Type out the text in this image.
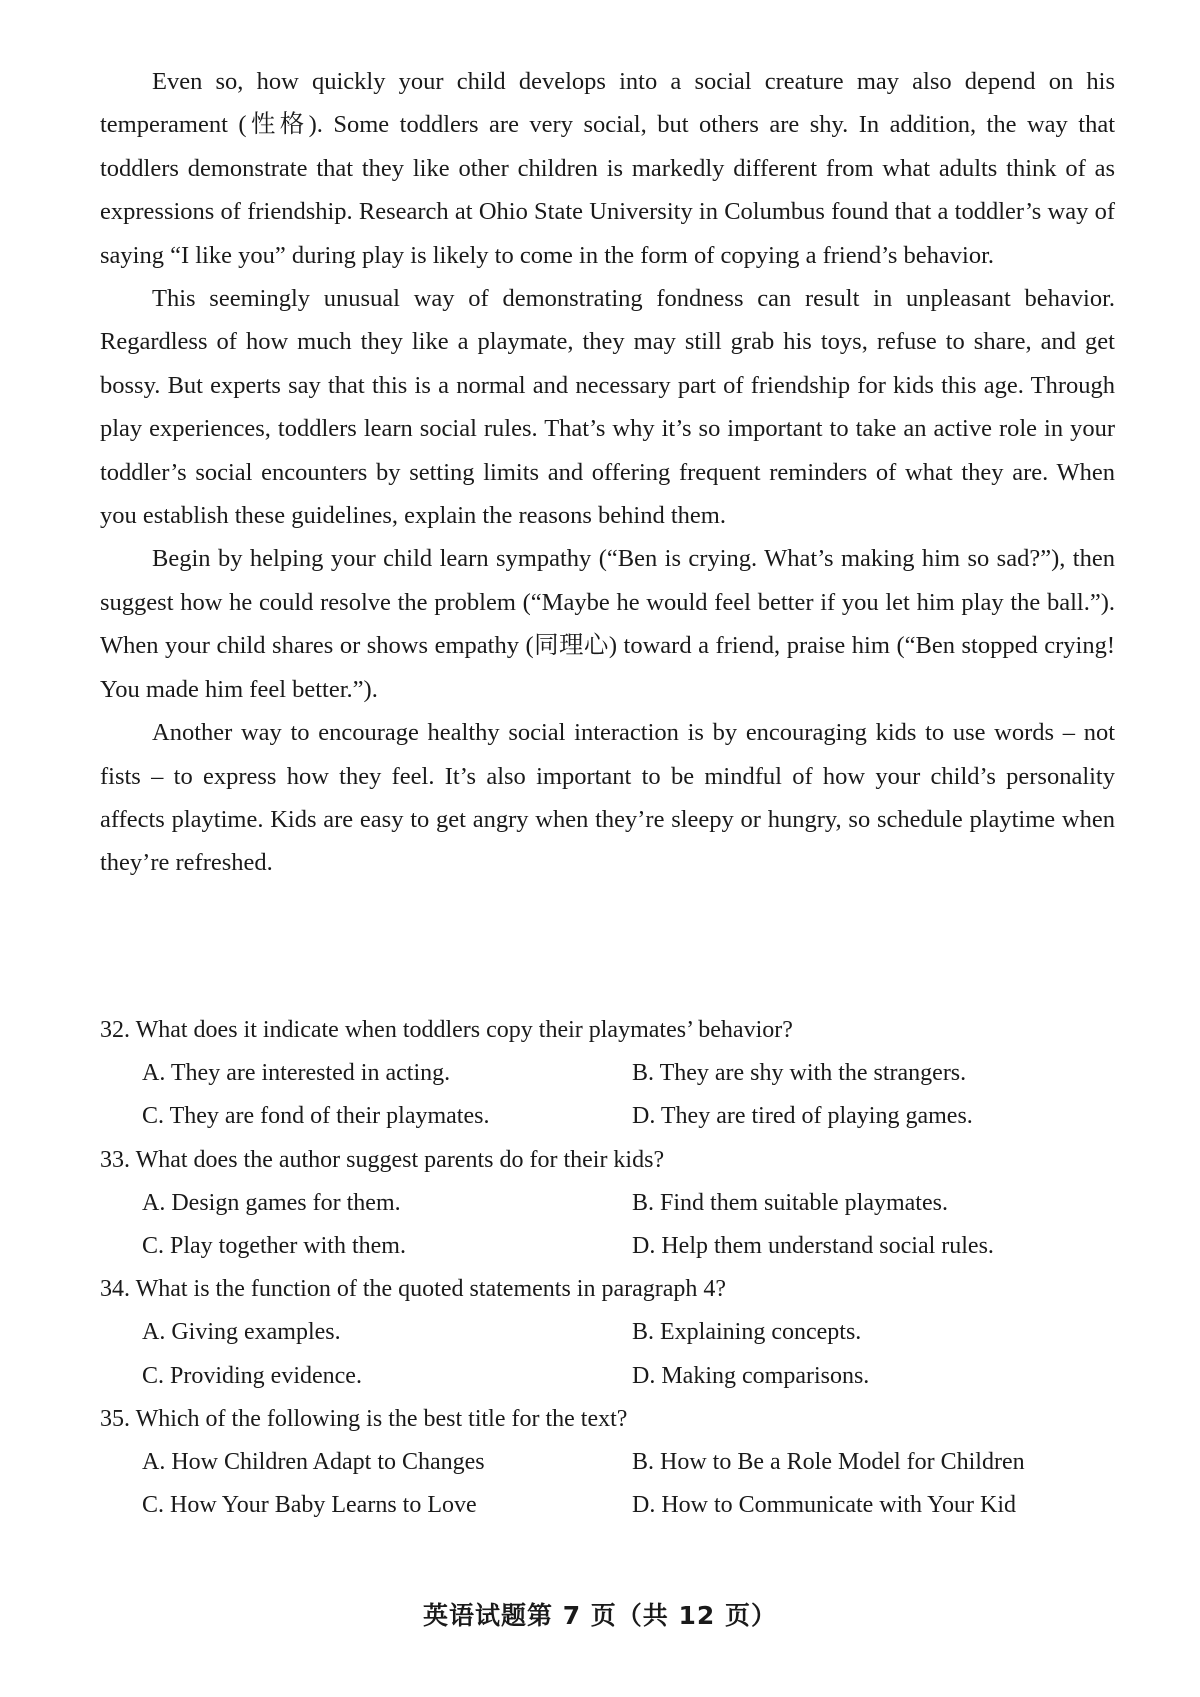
Even so, how quickly your child develops into a social creature may also depend on his temperament (性格). Some toddlers are very social, but others are shy. In addition, the way that toddlers demonstrate that they like other children is markedly different from what adults think of as expressions of friendship. Research at Ohio State University in Columbus found that a toddler’s way of saying “I like you” during play is likely to come in the form of copying a friend’s behavior.

This seemingly unusual way of demonstrating fondness can result in unpleasant behavior. Regardless of how much they like a playmate, they may still grab his toys, refuse to share, and get bossy. But experts say that this is a normal and necessary part of friendship for kids this age. Through play experiences, toddlers learn social rules. That’s why it’s so important to take an active role in your toddler’s social encounters by setting limits and offering frequent reminders of what they are. When you establish these guidelines, explain the reasons behind them.

Begin by helping your child learn sympathy (“Ben is crying. What’s making him so sad?”), then suggest how he could resolve the problem (“Maybe he would feel better if you let him play the ball.”). When your child shares or shows empathy (同理心) toward a friend, praise him (“Ben stopped crying! You made him feel better.”).

Another way to encourage healthy social interaction is by encouraging kids to use words – not fists – to express how they feel. It’s also important to be mindful of how your child’s personality affects playtime. Kids are easy to get angry when they’re sleepy or hungry, so schedule playtime when they’re refreshed.

32. What does it indicate when toddlers copy their playmates’ behavior?
A. They are interested in acting.	B. They are shy with the strangers.
C. They are fond of their playmates.	D. They are tired of playing games.
33. What does the author suggest parents do for their kids?
A. Design games for them.	B. Find them suitable playmates.
C. Play together with them.	D. Help them understand social rules.
34. What is the function of the quoted statements in paragraph 4?
A. Giving examples.	B. Explaining concepts.
C. Providing evidence.	D. Making comparisons.
35. Which of the following is the best title for the text?
A. How Children Adapt to Changes	B. How to Be a Role Model for Children
C. How Your Baby Learns to Love	D. How to Communicate with Your Kid
英语试题第 7 页（共 12 页）
